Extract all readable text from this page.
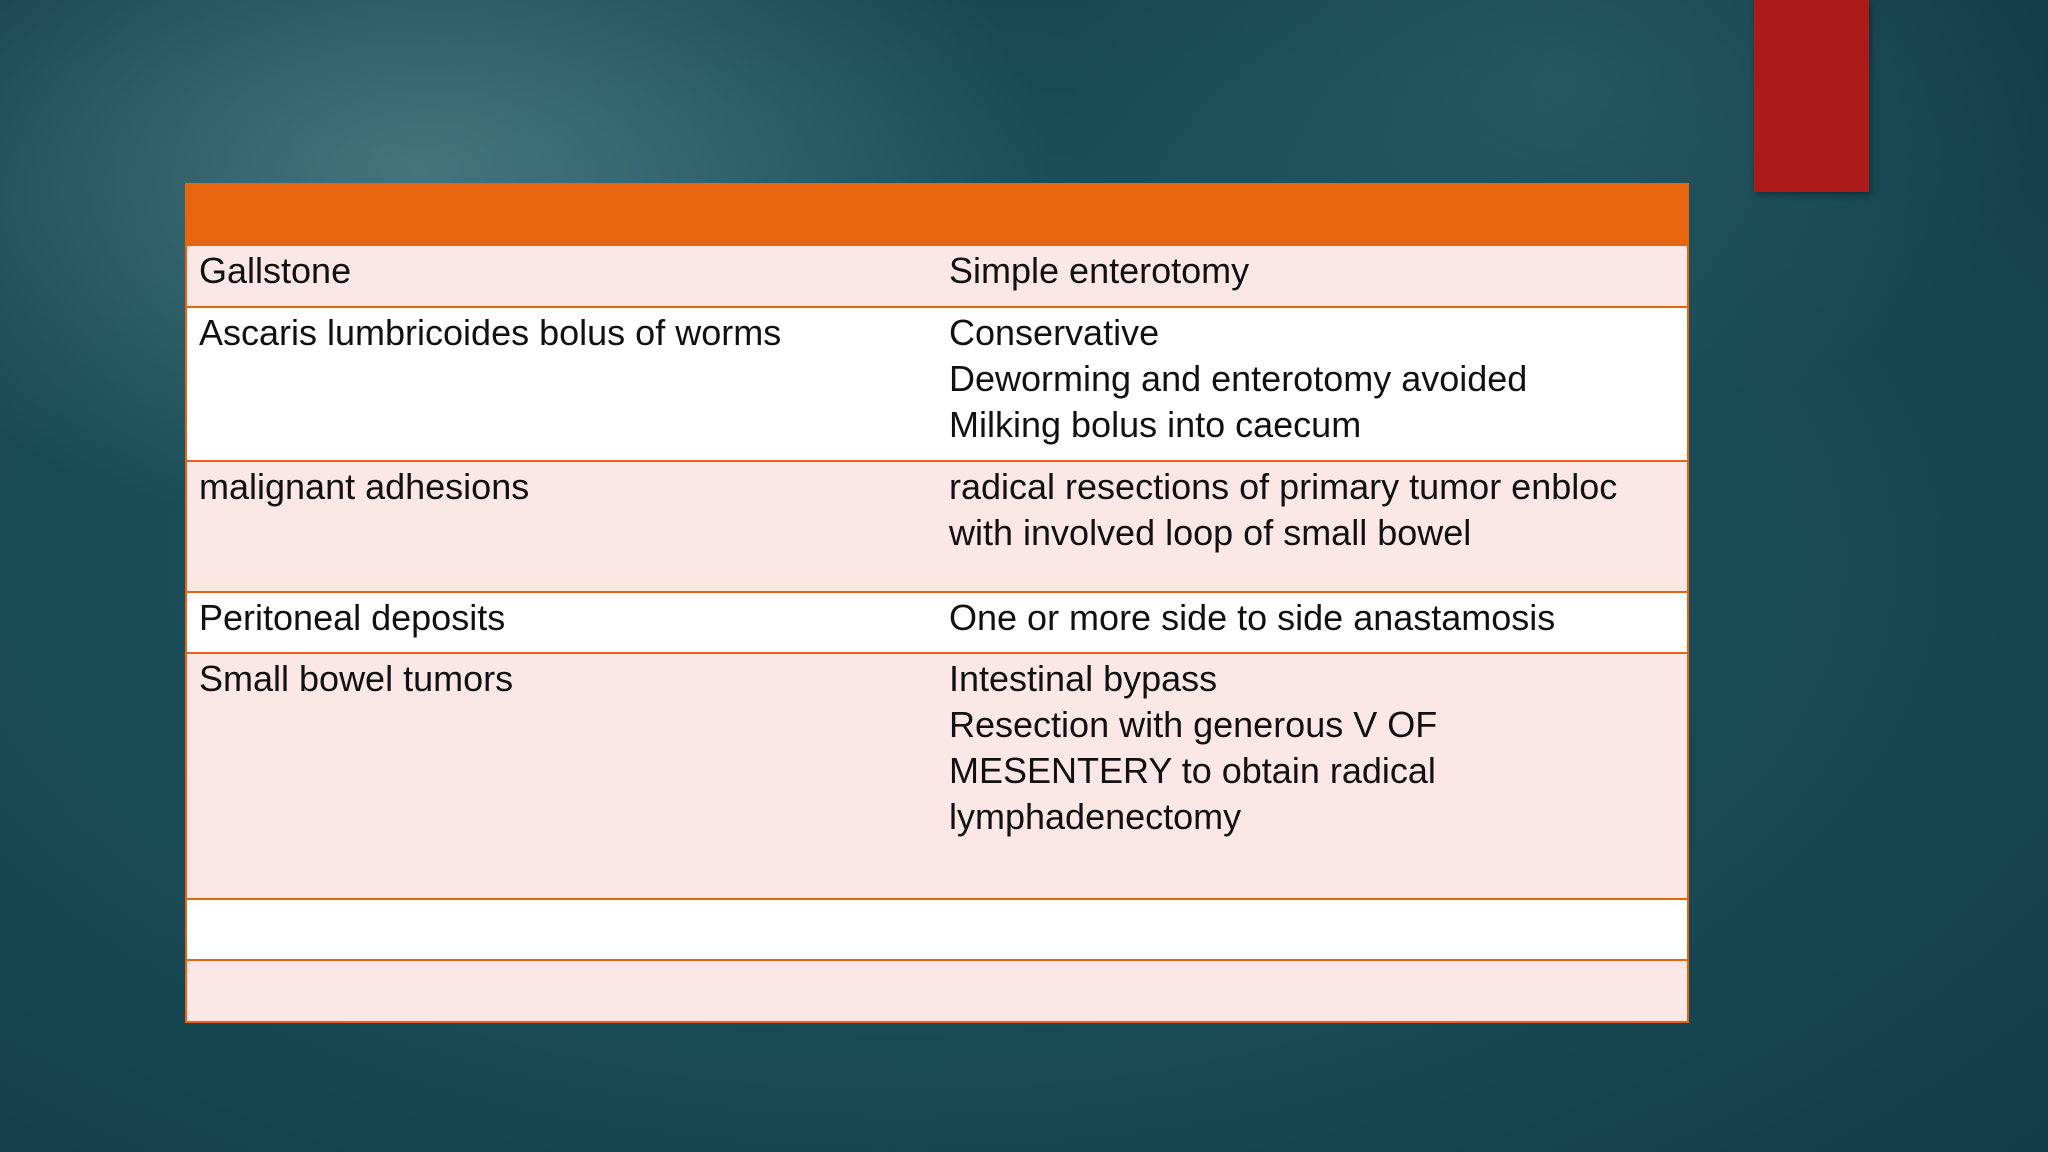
Gallstone	Simple enterotomy

Ascaris lumbricoides bolus of worms	Conservative
Deworming and enterotomy avoided
Milking bolus into caecum

malignant adhesions	radical resections of primary tumor enbloc
with involved loop of small bowel

Peritoneal deposits	One or more side to side anastamosis

Small bowel tumors	Intestinal bypass
Resection with generous V OF
MESENTERY to obtain radical
lymphadenectomy
